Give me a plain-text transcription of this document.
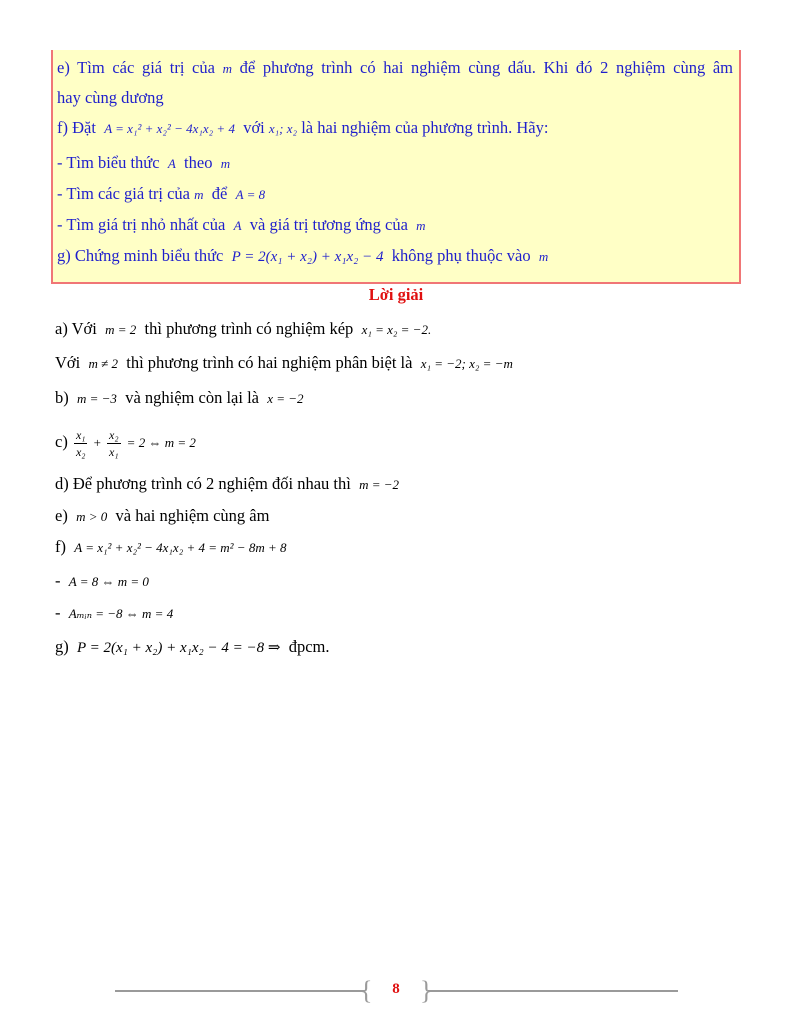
e) Tìm các giá trị của m để phương trình có hai nghiệm cùng dấu. Khi đó 2 nghiệm cùng âm
hay cùng dương
f) Đặt A = x₁² + x₂² − 4x₁x₂ + 4 với x₁; x₂ là hai nghiệm của phương trình. Hãy:
- Tìm biểu thức A theo m
- Tìm các giá trị của m để A = 8
- Tìm giá trị nhỏ nhất của A và giá trị tương ứng của m
g) Chứng minh biểu thức P = 2(x₁ + x₂) + x₁x₂ − 4 không phụ thuộc vào m
Lời giải
a) Với m = 2 thì phương trình có nghiệm kép x₁ = x₂ = −2.
Với m ≠ 2 thì phương trình có hai nghiệm phân biệt là x₁ = −2; x₂ = −m
b) m = −3 và nghiệm còn lại là x = −2
$c) \frac{\text{x₁}}{\text{x₂}} + \frac{\text{x₂}}{\text{x₁}} = 2$ ⇔ m = 2
d) Để phương trình có 2 nghiệm đối nhau thì m = −2
e) m > 0 và hai nghiệm cùng âm
f) A = x₁² + x₂² − 4x₁x₂ + 4 = m² − 8m + 8
- A = 8 ⇔ m = 0
- Aₘᵢₙ = −8 ⇔ m = 4
g) P = 2(x₁ + x₂) + x₁x₂ − 4 = −8 ⇒ đpcm.
{ }
8
